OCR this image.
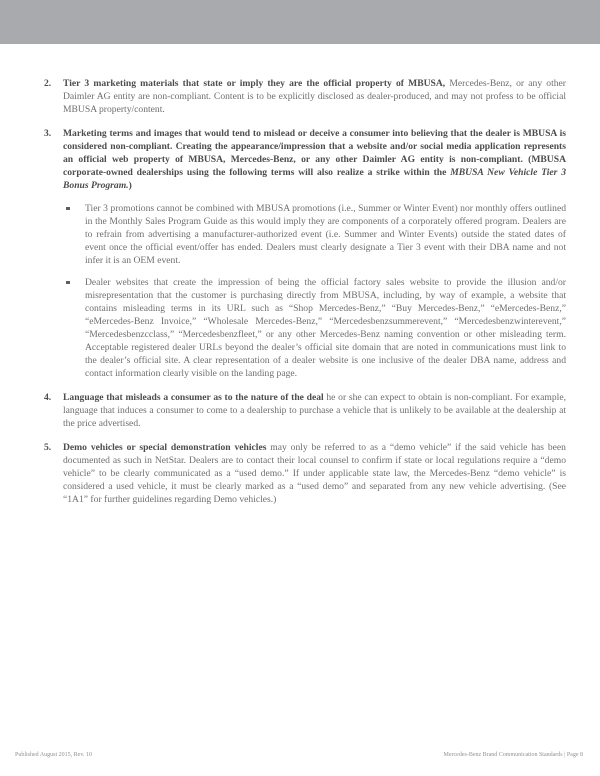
2. Tier 3 marketing materials that state or imply they are the official property of MBUSA, Mercedes-Benz, or any other Daimler AG entity are non-compliant. Content is to be explicitly disclosed as dealer-produced, and may not profess to be official MBUSA property/content.

3. Marketing terms and images that would tend to mislead or deceive a consumer into believing that the dealer is MBUSA is considered non-compliant. Creating the appearance/impression that a website and/or social media application represents an official web property of MBUSA, Mercedes-Benz, or any other Daimler AG entity is non-compliant. (MBUSA corporate-owned dealerships using the following terms will also realize a strike within the MBUSA New Vehicle Tier 3 Bonus Program.)

Tier 3 promotions cannot be combined with MBUSA promotions (i.e., Summer or Winter Event) nor monthly offers outlined in the Monthly Sales Program Guide as this would imply they are components of a corporately offered program. Dealers are to refrain from advertising a manufacturer-authorized event (i.e. Summer and Winter Events) outside the stated dates of event once the official event/offer has ended. Dealers must clearly designate a Tier 3 event with their DBA name and not infer it is an OEM event.

Dealer websites that create the impression of being the official factory sales website to provide the illusion and/or misrepresentation that the customer is purchasing directly from MBUSA, including, by way of example, a website that contains misleading terms in its URL such as “Shop Mercedes-Benz,” “Buy Mercedes-Benz,” “eMercedes-Benz,” “eMercedes-Benz Invoice,” “Wholesale Mercedes-Benz,” “Mercedesbenzsummerevent,” “Mercedesbenzwinterevent,” “Mercedesbenzcclass,” “Mercedesbenzfleet,” or any other Mercedes-Benz naming convention or other misleading term. Acceptable registered dealer URLs beyond the dealer’s official site domain that are noted in communications must link to the dealer’s official site. A clear representation of a dealer website is one inclusive of the dealer DBA name, address and contact information clearly visible on the landing page.

4. Language that misleads a consumer as to the nature of the deal he or she can expect to obtain is non-compliant. For example, language that induces a consumer to come to a dealership to purchase a vehicle that is unlikely to be available at the dealership at the price advertised.

5. Demo vehicles or special demonstration vehicles may only be referred to as a “demo vehicle” if the said vehicle has been documented as such in NetStar. Dealers are to contact their local counsel to confirm if state or local regulations require a “demo vehicle” to be clearly communicated as a “used demo.” If under applicable state law, the Mercedes-Benz “demo vehicle” is considered a used vehicle, it must be clearly marked as a “used demo” and separated from any new vehicle advertising. (See “1A1” for further guidelines regarding Demo vehicles.)

Published August 2015, Rev. 10	Mercedes-Benz Brand Communication Standards | Page 8
